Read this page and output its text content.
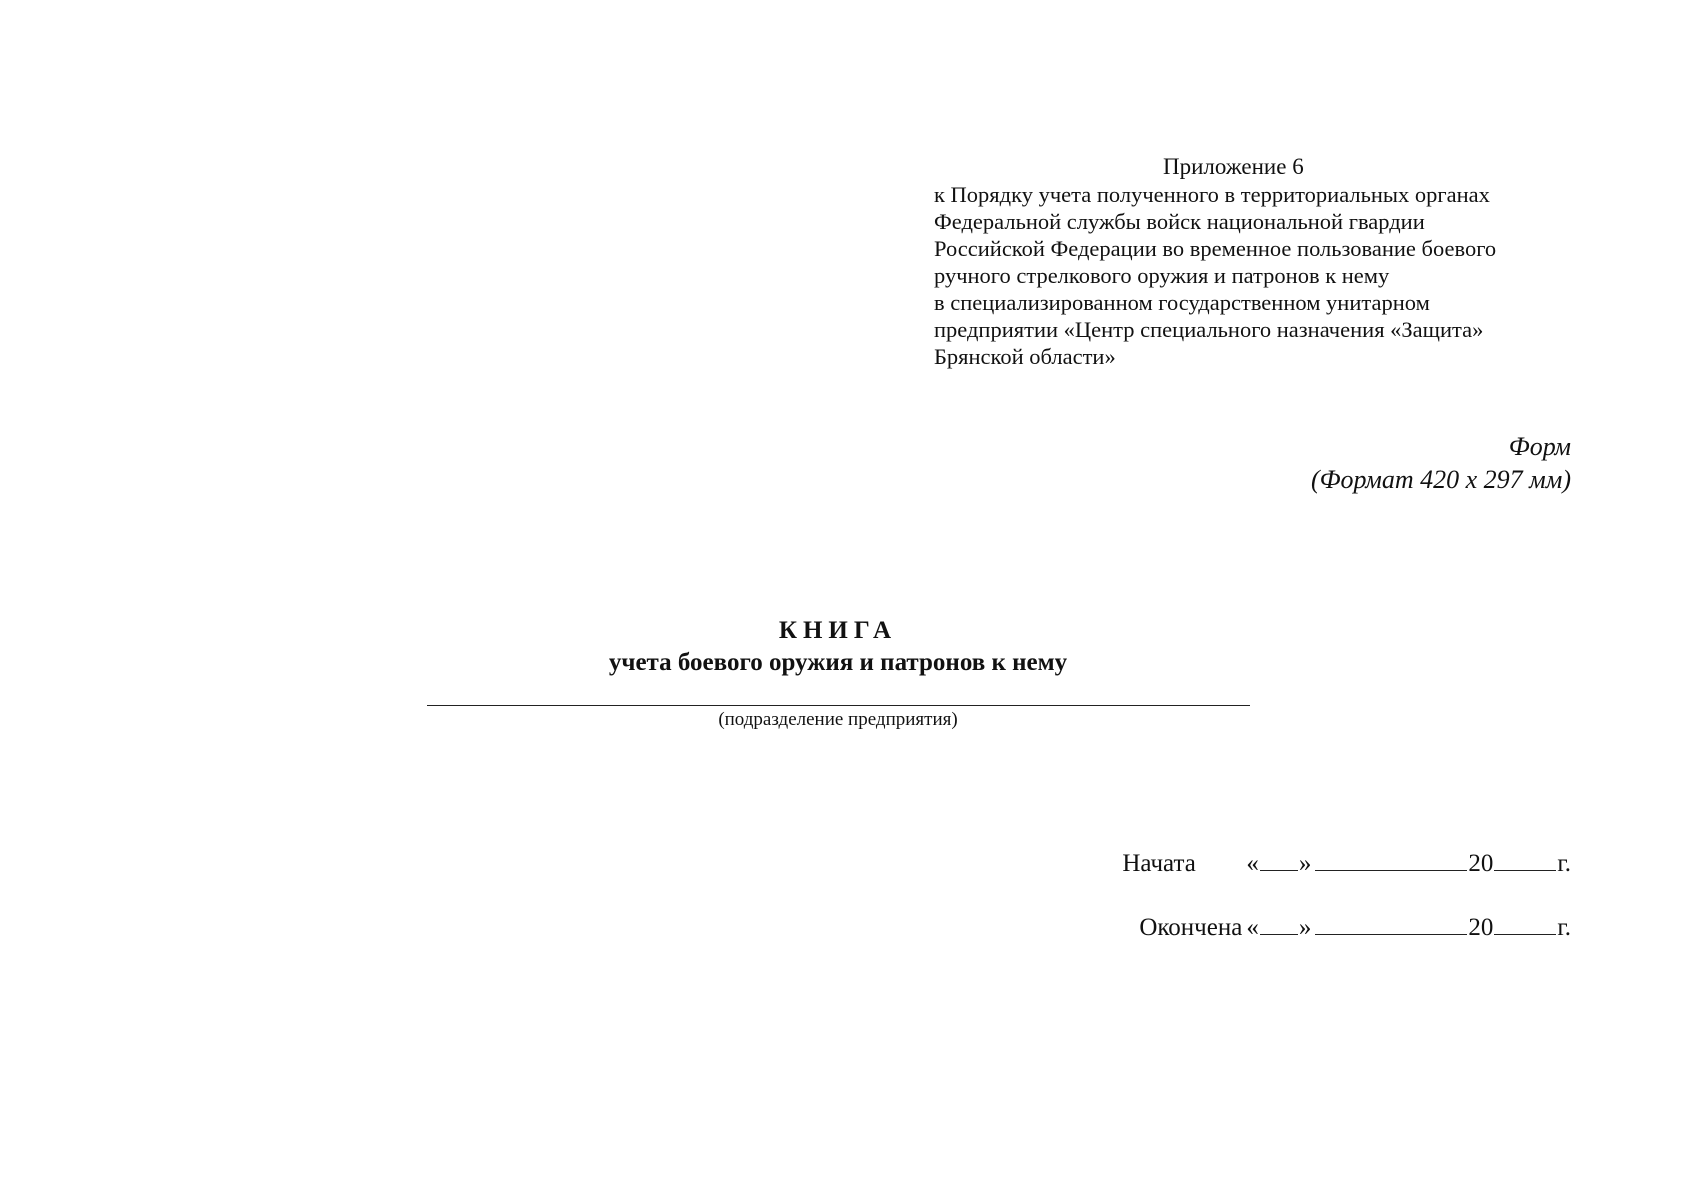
Приложение 6
к Порядку учета полученного в территориальных органах
Федеральной службы войск национальной гвардии
Российской Федерации во временное пользование боевого
ручного стрелкового оружия и патронов к нему
в специализированном государственном унитарном
предприятии «Центр специального назначения «Защита»
Брянской области»
Форм
(Формат 420 х 297 мм)
КНИГА
учета боевого оружия и патронов к нему
(подразделение предприятия)
Начата	« »	20	г.
Окончена « »	20	г.
